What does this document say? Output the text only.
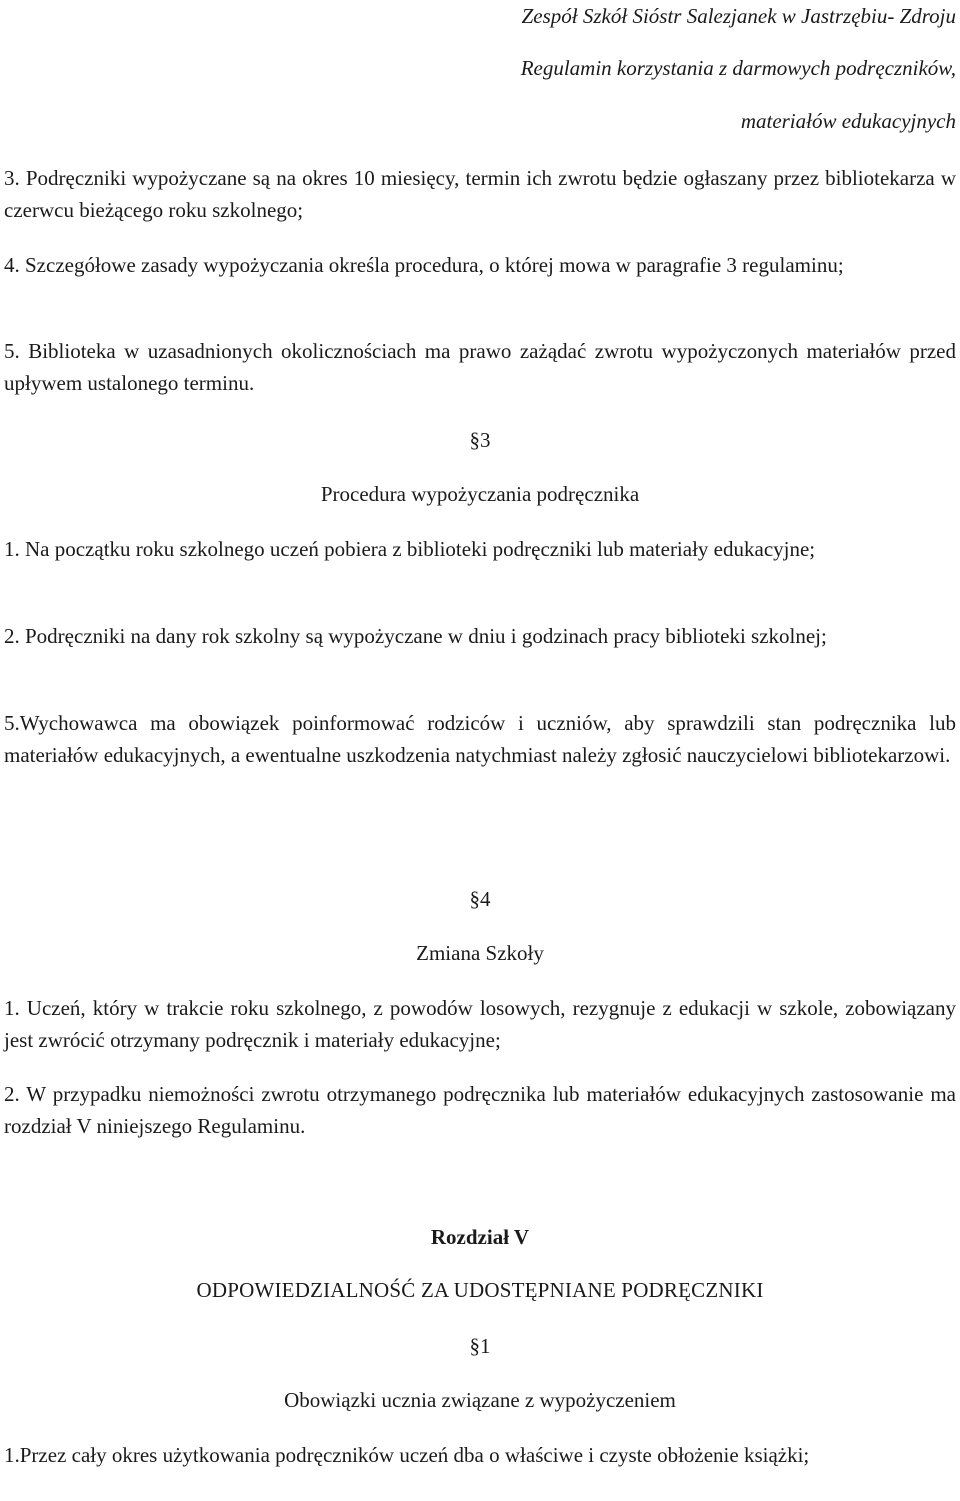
Zespół Szkół Sióstr Salezjanek w Jastrzębiu- Zdroju
Regulamin korzystania z darmowych podręczników,
materiałów edukacyjnych
3. Podręczniki wypożyczane są na okres 10 miesięcy, termin ich zwrotu będzie ogłaszany przez bibliotekarza w czerwcu bieżącego roku szkolnego;
4. Szczegółowe zasady wypożyczania określa procedura, o której mowa w paragrafie 3 regulaminu;
5. Biblioteka w uzasadnionych okolicznościach ma prawo zażądać zwrotu wypożyczonych materiałów przed upływem ustalonego terminu.
§3
Procedura wypożyczania podręcznika
1. Na początku roku szkolnego uczeń pobiera z biblioteki podręczniki lub materiały edukacyjne;
2. Podręczniki na dany rok szkolny są wypożyczane w dniu i godzinach pracy biblioteki szkolnej;
5.Wychowawca ma obowiązek poinformować rodziców i uczniów, aby sprawdzili stan podręcznika lub materiałów edukacyjnych, a ewentualne uszkodzenia natychmiast należy zgłosić nauczycielowi bibliotekarzowi.
§4
Zmiana Szkoły
1. Uczeń, który w trakcie roku szkolnego, z powodów losowych, rezygnuje z edukacji w szkole, zobowiązany jest zwrócić otrzymany podręcznik i materiały edukacyjne;
2. W przypadku niemożności zwrotu otrzymanego podręcznika lub materiałów edukacyjnych zastosowanie ma rozdział V niniejszego Regulaminu.
Rozdział V
ODPOWIEDZIALNOŚĆ ZA UDOSTĘPNIANE PODRĘCZNIKI
§1
Obowiązki ucznia związane z wypożyczeniem
1.Przez cały okres użytkowania podręczników uczeń dba o właściwe i czyste obłożenie książki;
